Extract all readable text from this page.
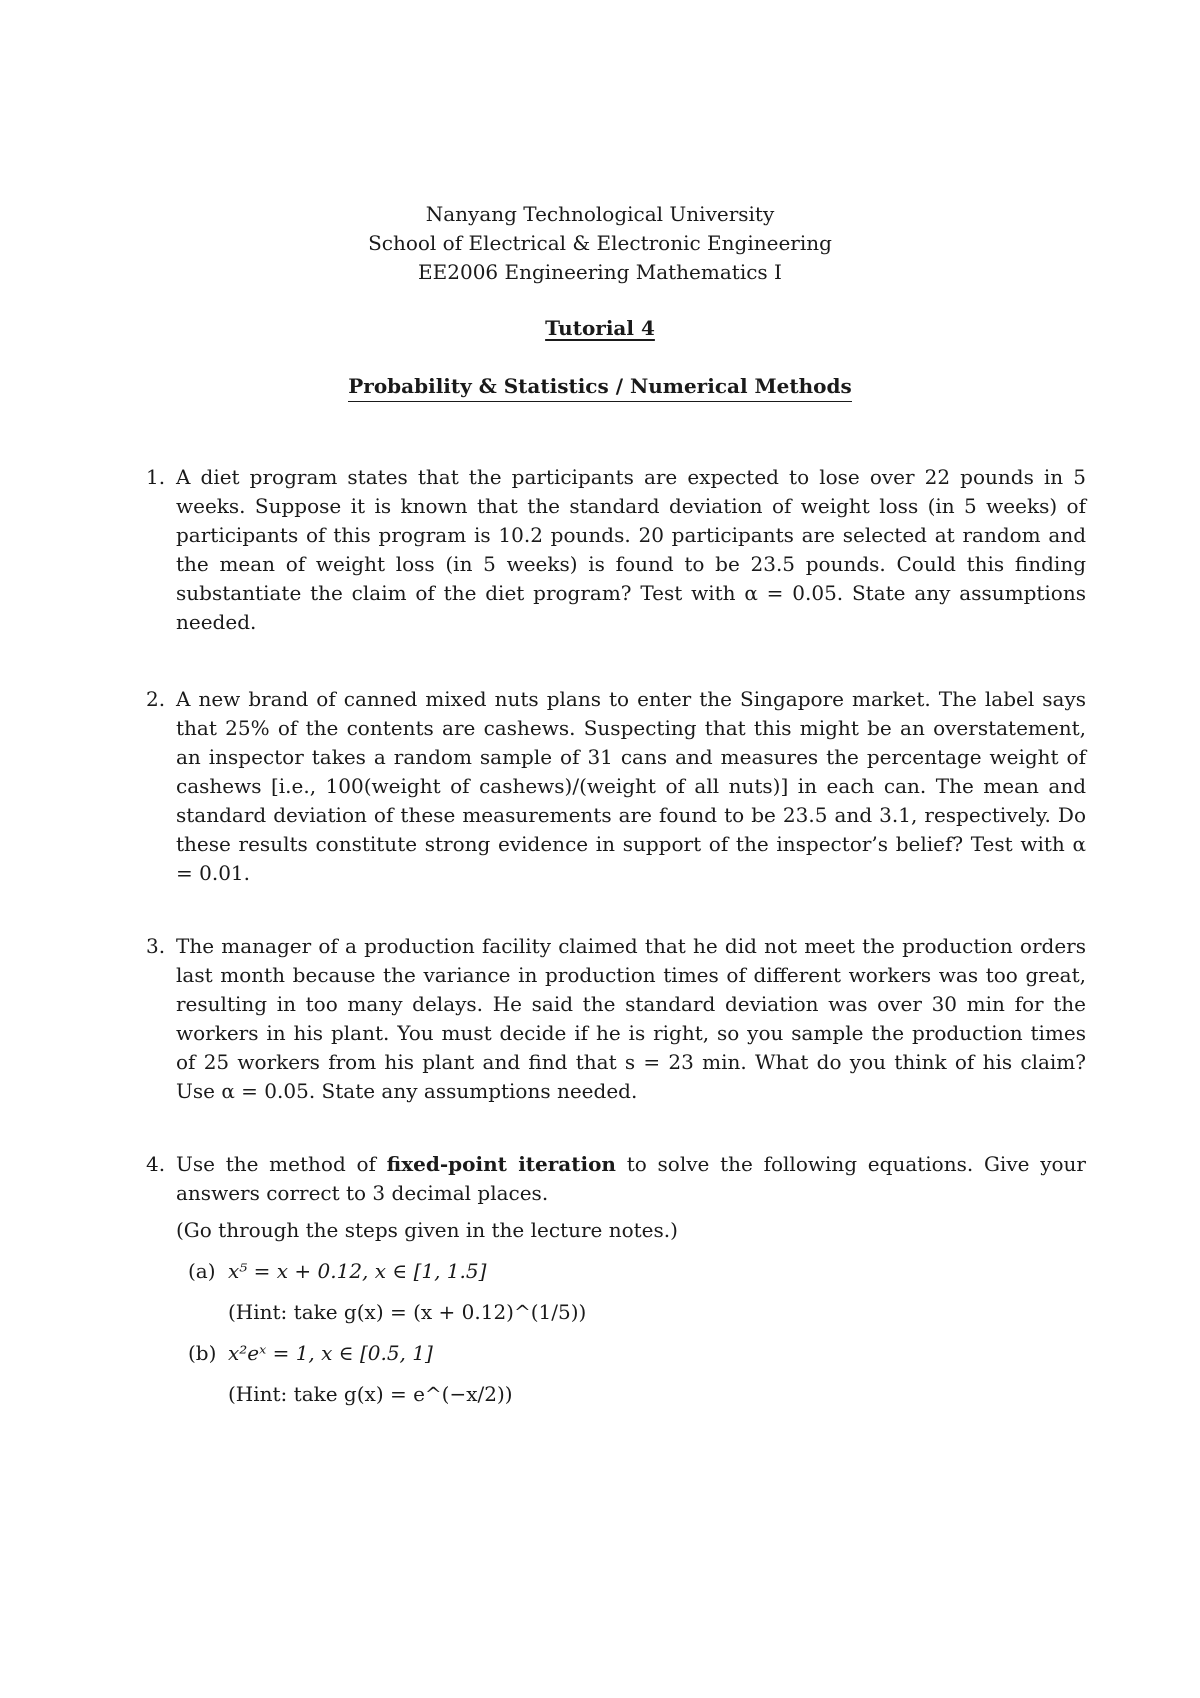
Nanyang Technological University
School of Electrical & Electronic Engineering
EE2006 Engineering Mathematics I
Tutorial 4
Probability & Statistics / Numerical Methods
1. A diet program states that the participants are expected to lose over 22 pounds in 5 weeks. Suppose it is known that the standard deviation of weight loss (in 5 weeks) of participants of this program is 10.2 pounds. 20 participants are selected at random and the mean of weight loss (in 5 weeks) is found to be 23.5 pounds. Could this finding substantiate the claim of the diet program? Test with α = 0.05. State any assumptions needed.

2. A new brand of canned mixed nuts plans to enter the Singapore market. The label says that 25% of the contents are cashews. Suspecting that this might be an overstatement, an inspector takes a random sample of 31 cans and measures the percentage weight of cashews [i.e., 100(weight of cashews)/(weight of all nuts)] in each can. The mean and standard deviation of these measurements are found to be 23.5 and 3.1, respectively. Do these results constitute strong evidence in support of the inspector’s belief? Test with α = 0.01.

3. The manager of a production facility claimed that he did not meet the production orders last month because the variance in production times of different workers was too great, resulting in too many delays. He said the standard deviation was over 30 min for the workers in his plant. You must decide if he is right, so you sample the production times of 25 workers from his plant and find that s = 23 min. What do you think of his claim? Use α = 0.05. State any assumptions needed.

4. Use the method of fixed-point iteration to solve the following equations. Give your answers correct to 3 decimal places.

(Go through the steps given in the lecture notes.)

(a) x⁵ = x + 0.12, x ∈ [1, 1.5]
(Hint: take g(x) = (x + 0.12)^(1/5))
(b) x²eˣ = 1, x ∈ [0.5, 1]
(Hint: take g(x) = e^(−x/2))
